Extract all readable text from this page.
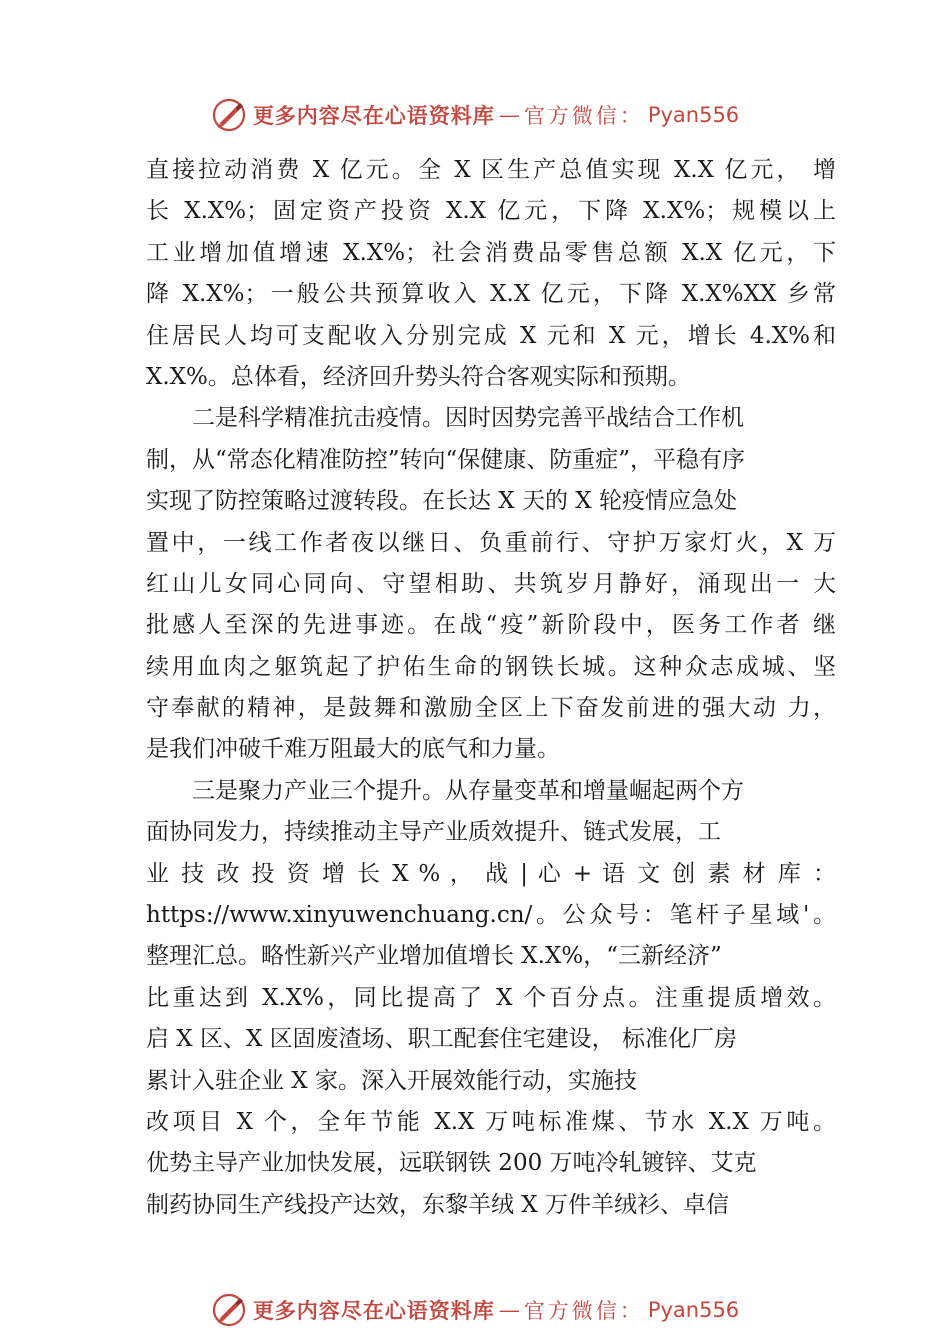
更多内容尽在心语资料库 — 官方微信： Pyan556
直接拉动消费 X 亿元。全 X 区生产总值实现 X.X 亿元， 增
长 X.X%；固定资产投资 X.X 亿元，下降 X.X%；规模以上
工业增加值增速 X.X%；社会消费品零售总额 X.X 亿元，下
降 X.X%；一般公共预算收入 X.X 亿元，下降 X.X%XX 乡常
住居民人均可支配收入分别完成 X 元和 X 元，增长 4.X%和
X.X%。总体看，经济回升势头符合客观实际和预期。
二是科学精准抗击疫情。因时因势完善平战结合工作机
制，从“常态化精准防控”转向“保健康、防重症”，平稳有序
实现了防控策略过渡转段。在长达 X 天的 X 轮疫情应急处
置中，一线工作者夜以继日、负重前行、守护万家灯火，X 万
红山儿女同心同向、守望相助、共筑岁月静好，涌现出一 大
批感人至深的先进事迹。在战“疫”新阶段中，医务工作者 继
续用血肉之躯筑起了护佑生命的钢铁长城。这种众志成城、坚
守奉献的精神，是鼓舞和激励全区上下奋发前进的强大动 力，
是我们冲破千难万阻最大的底气和力量。
三是聚力产业三个提升。从存量变革和增量崛起两个方
面协同发力，持续推动主导产业质效提升、链式发展，工
业 技 改 投 资 增 长 X % ， 战 | 心 + 语 文 创 素 材 库 ：
https://www.xinyuwenchuang.cn/。公众号：笔杆子星域'。
整理汇总。略性新兴产业增加值增长 X.X%，“三新经济”
比重达到 X.X%，同比提高了 X 个百分点。注重提质增效。
启 X 区、X 区固废渣场、职工配套住宅建设， 标准化厂房
累计入驻企业 X 家。深入开展效能行动，实施技
改项目 X 个，全年节能 X.X 万吨标准煤、节水 X.X 万吨。
优势主导产业加快发展，远联钢铁 200 万吨冷轧镀锌、艾克
制药协同生产线投产达效，东黎羊绒 X 万件羊绒衫、卓信
更多内容尽在心语资料库 — 官方微信： Pyan556
